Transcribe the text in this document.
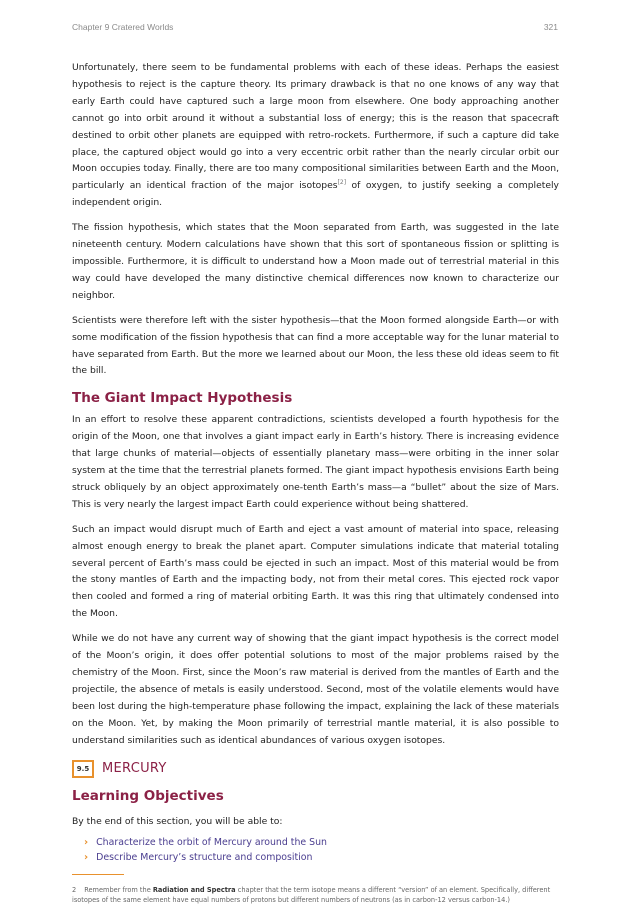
Chapter 9 Cratered Worlds	321

Unfortunately, there seem to be fundamental problems with each of these ideas. Perhaps the easiest hypothesis to reject is the capture theory. Its primary drawback is that no one knows of any way that early Earth could have captured such a large moon from elsewhere. One body approaching another cannot go into orbit around it without a substantial loss of energy; this is the reason that spacecraft destined to orbit other planets are equipped with retro-rockets. Furthermore, if such a capture did take place, the captured object would go into a very eccentric orbit rather than the nearly circular orbit our Moon occupies today. Finally, there are too many compositional similarities between Earth and the Moon, particularly an identical fraction of the major isotopes[2] of oxygen, to justify seeking a completely independent origin.

The fission hypothesis, which states that the Moon separated from Earth, was suggested in the late nineteenth century. Modern calculations have shown that this sort of spontaneous fission or splitting is impossible. Furthermore, it is difficult to understand how a Moon made out of terrestrial material in this way could have developed the many distinctive chemical differences now known to characterize our neighbor.

Scientists were therefore left with the sister hypothesis—that the Moon formed alongside Earth—or with some modification of the fission hypothesis that can find a more acceptable way for the lunar material to have separated from Earth. But the more we learned about our Moon, the less these old ideas seem to fit the bill.

The Giant Impact Hypothesis

In an effort to resolve these apparent contradictions, scientists developed a fourth hypothesis for the origin of the Moon, one that involves a giant impact early in Earth’s history. There is increasing evidence that large chunks of material—objects of essentially planetary mass—were orbiting in the inner solar system at the time that the terrestrial planets formed. The giant impact hypothesis envisions Earth being struck obliquely by an object approximately one-tenth Earth’s mass—a “bullet” about the size of Mars. This is very nearly the largest impact Earth could experience without being shattered.

Such an impact would disrupt much of Earth and eject a vast amount of material into space, releasing almost enough energy to break the planet apart. Computer simulations indicate that material totaling several percent of Earth’s mass could be ejected in such an impact. Most of this material would be from the stony mantles of Earth and the impacting body, not from their metal cores. This ejected rock vapor then cooled and formed a ring of material orbiting Earth. It was this ring that ultimately condensed into the Moon.

While we do not have any current way of showing that the giant impact hypothesis is the correct model of the Moon’s origin, it does offer potential solutions to most of the major problems raised by the chemistry of the Moon. First, since the Moon’s raw material is derived from the mantles of Earth and the projectile, the absence of metals is easily understood. Second, most of the volatile elements would have been lost during the high-temperature phase following the impact, explaining the lack of these materials on the Moon. Yet, by making the Moon primarily of terrestrial mantle material, it is also possible to understand similarities such as identical abundances of various oxygen isotopes.

9.5 MERCURY
Learning Objectives

By the end of this section, you will be able to:

› Characterize the orbit of Mercury around the Sun
› Describe Mercury’s structure and composition
2 Remember from the Radiation and Spectra chapter that the term isotope means a different “version” of an element. Specifically, different isotopes of the same element have equal numbers of protons but different numbers of neutrons (as in carbon-12 versus carbon-14.)
